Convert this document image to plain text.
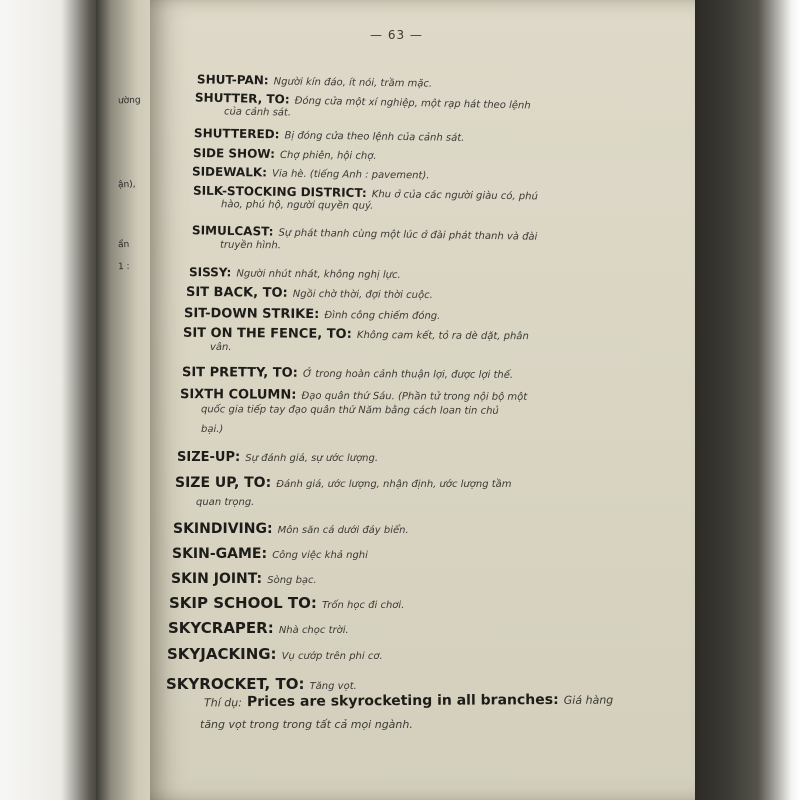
ường
ận),
ẩn
1 :
— 63 —
SHUT-PAN: Người kín đáo, ít nói, trầm mặc.
SHUTTER, TO: Đóng cửa một xí nghiệp, một rạp hát theo lệnh
của cảnh sát.
SHUTTERED: Bị đóng cửa theo lệnh của cảnh sát.
SIDE SHOW: Chợ phiên, hội chợ.
SIDEWALK: Via hè. (tiếng Anh : pavement).
SILK-STOCKING DISTRICT: Khu ở của các người giàu có, phú
hào, phú hộ, người quyền quý.
SIMULCAST: Sự phát thanh cùng một lúc ở đài phát thanh và đài
truyền hình.
SISSY: Người nhút nhát, không nghị lực.
SIT BACK, TO: Ngồi chờ thời, đợi thời cuộc.
SIT-DOWN STRIKE: Đình công chiếm đóng.
SIT ON THE FENCE, TO: Không cam kết, tỏ ra dè dặt, phân
vân.
SIT PRETTY, TO: Ở trong hoàn cảnh thuận lợi, được lợi thế.
SIXTH COLUMN: Đạo quân thứ Sáu. (Phần tử trong nội bộ một
quốc gia tiếp tay đạo quân thứ Năm bằng cách loan tin chủ
bại.)
SIZE-UP: Sự đánh giá, sự ước lượng.
SIZE UP, TO: Đánh giá, ước lượng, nhận định, ước lượng tầm
quan trọng.
SKINDIVING: Môn săn cá dưới đáy biển.
SKIN-GAME: Công việc khả nghi
SKIN JOINT: Sòng bạc.
SKIP SCHOOL TO: Trốn học đi chơi.
SKYCRAPER: Nhà chọc trời.
SKYJACKING: Vụ cướp trên phi cơ.
SKYROCKET, TO: Tăng vọt.
Thí dụ: Prices are skyrocketing in all branches: Giá hàng
tăng vọt trong trong tất cả mọi ngành.
